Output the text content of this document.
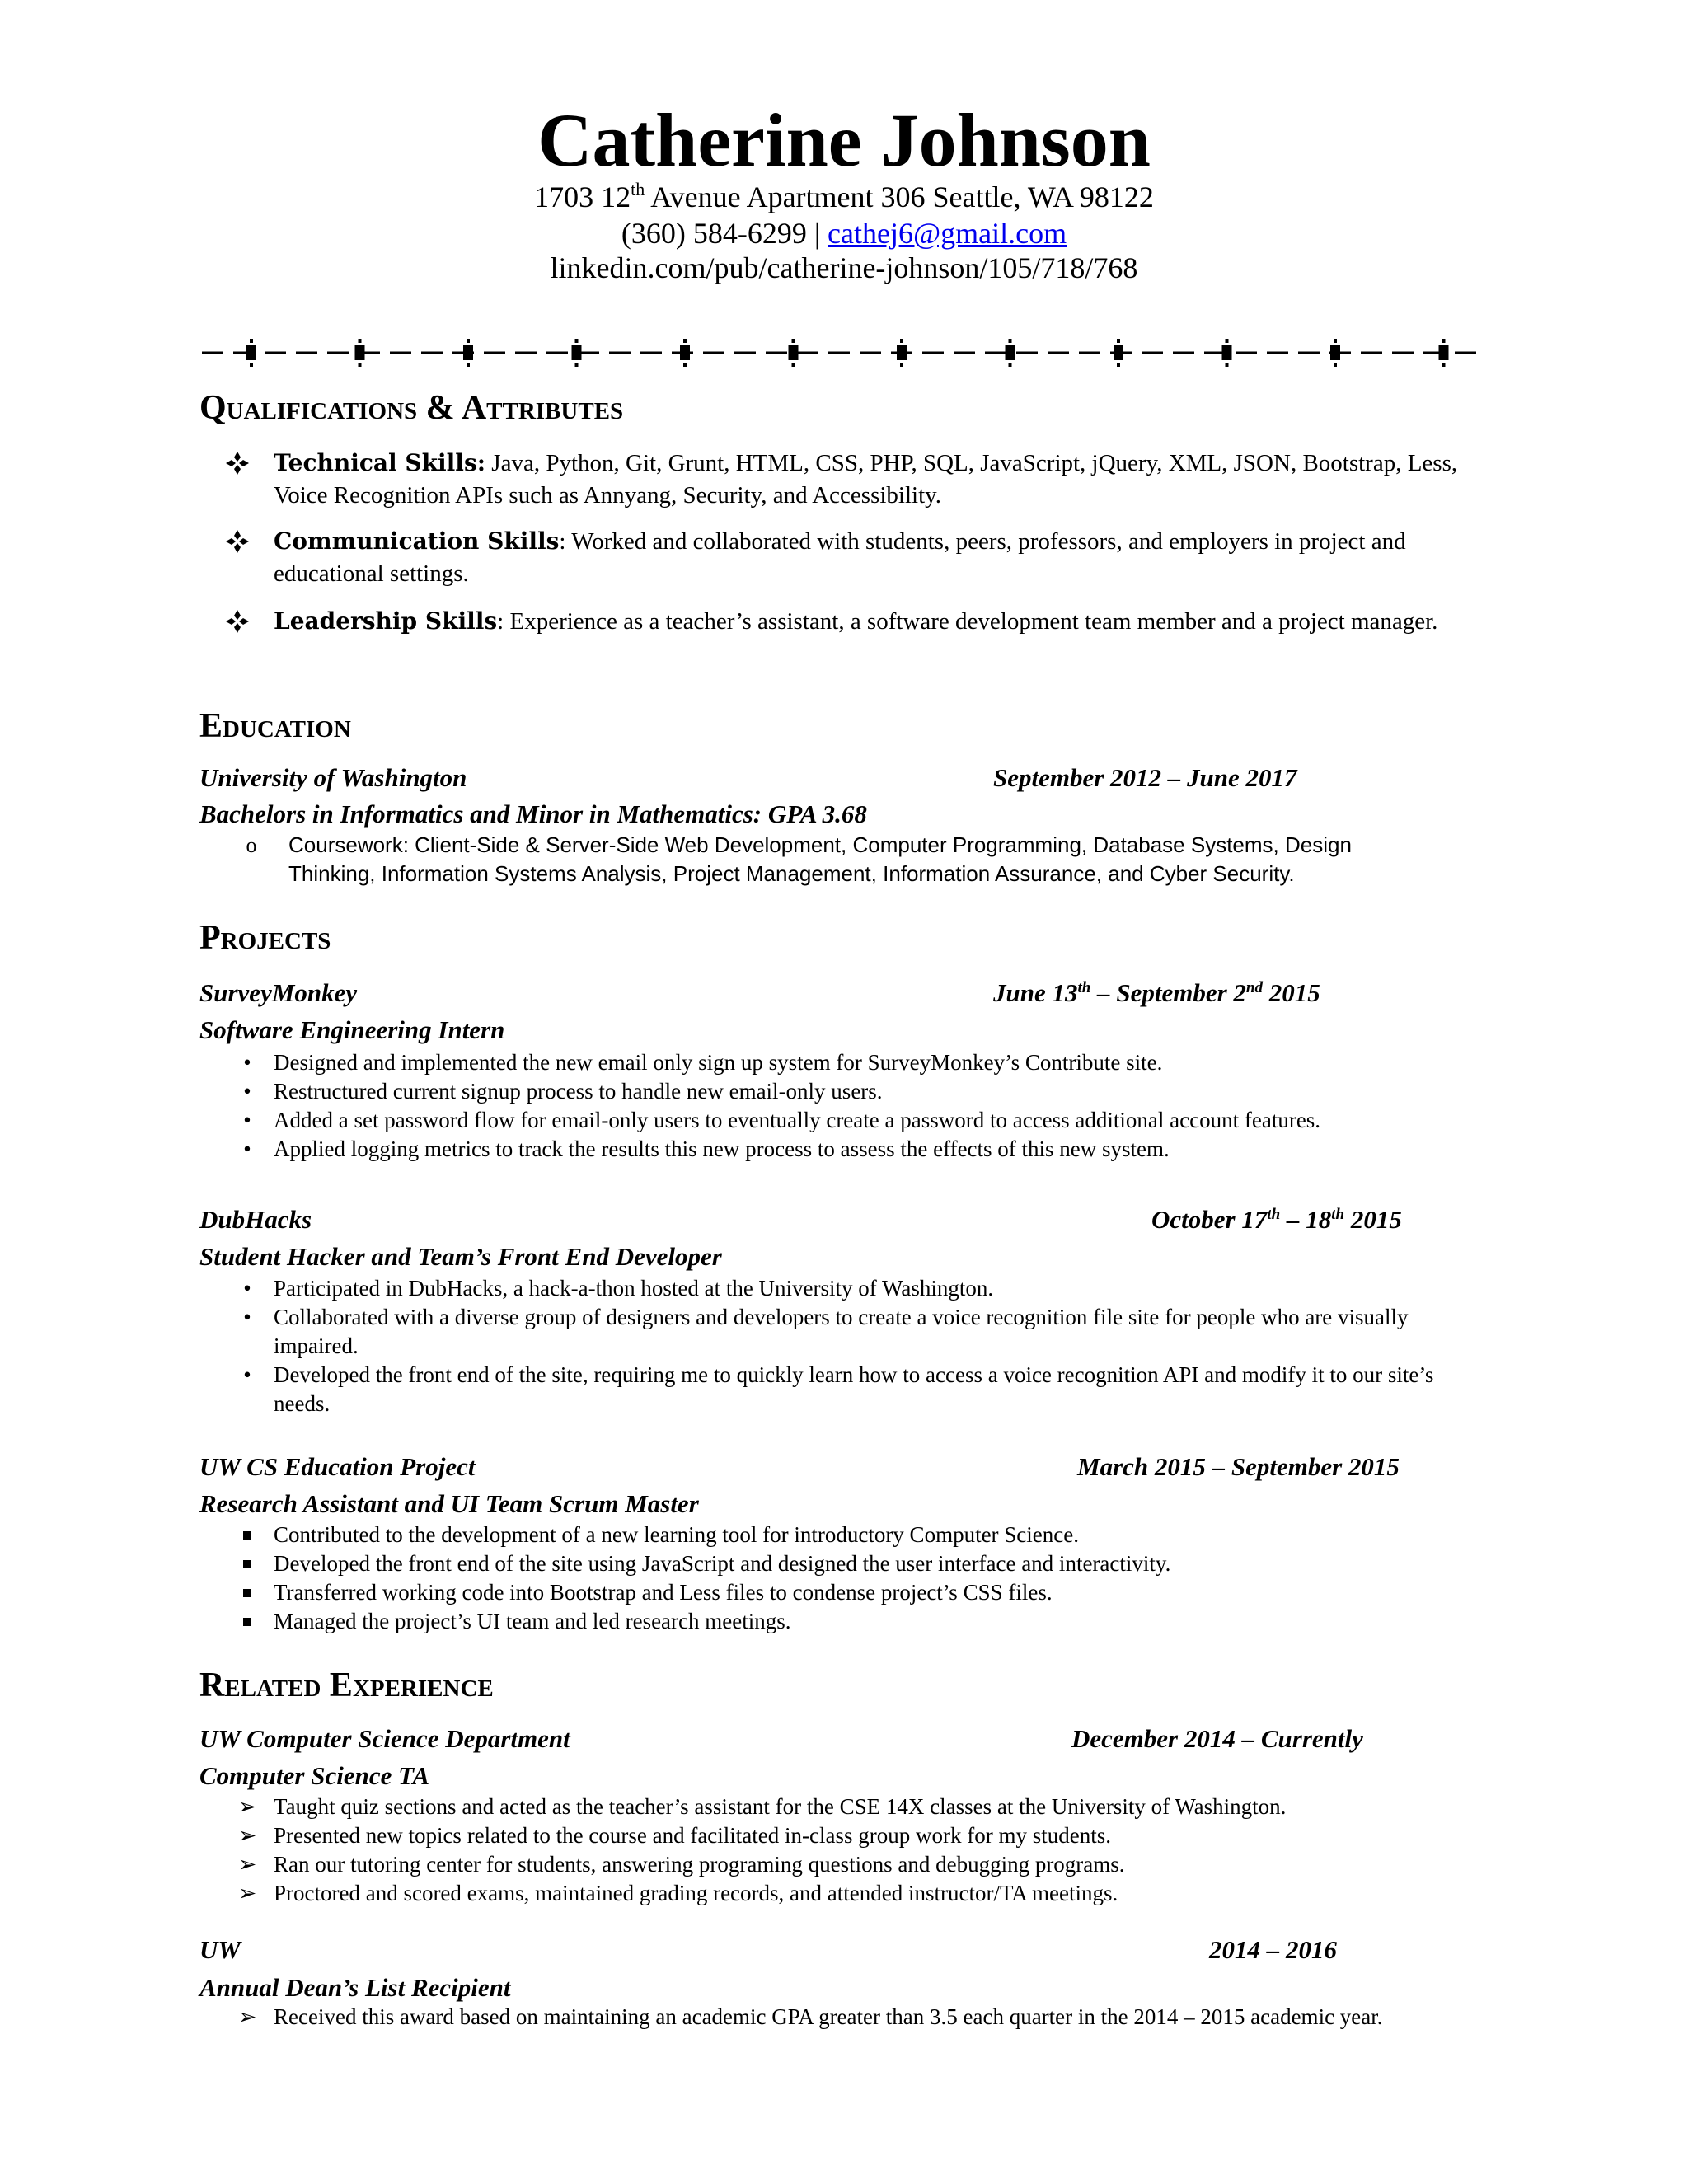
Catherine Johnson
1703 12th Avenue Apartment 306 Seattle, WA 98122
(360) 584-6299 | cathej6@gmail.com
linkedin.com/pub/catherine-johnson/105/718/768
Qualifications & Attributes
Technical Skills: Java, Python, Git, Grunt, HTML, CSS, PHP, SQL, JavaScript, jQuery, XML, JSON, Bootstrap, Less, Voice Recognition APIs such as Annyang, Security, and Accessibility.
Communication Skills: Worked and collaborated with students, peers, professors, and employers in project and educational settings.
Leadership Skills: Experience as a teacher’s assistant, a software development team member and a project manager.
Education
University of Washington	September 2012 – June 2017
Bachelors in Informatics and Minor in Mathematics: GPA 3.68
o	Coursework: Client-Side & Server-Side Web Development, Computer Programming, Database Systems, Design Thinking, Information Systems Analysis, Project Management, Information Assurance, and Cyber Security.
Projects
SurveyMonkey	June 13th – September 2nd 2015
Software Engineering Intern
•	Designed and implemented the new email only sign up system for SurveyMonkey’s Contribute site.
•	Restructured current signup process to handle new email-only users.
•	Added a set password flow for email-only users to eventually create a password to access additional account features.
•	Applied logging metrics to track the results this new process to assess the effects of this new system.
DubHacks	October 17th – 18th 2015
Student Hacker and Team’s Front End Developer
•	Participated in DubHacks, a hack-a-thon hosted at the University of Washington.
•	Collaborated with a diverse group of designers and developers to create a voice recognition file site for people who are visually impaired.
•	Developed the front end of the site, requiring me to quickly learn how to access a voice recognition API and modify it to our site’s needs.
UW CS Education Project	March 2015 – September 2015
Research Assistant and UI Team Scrum Master
Contributed to the development of a new learning tool for introductory Computer Science.
Developed the front end of the site using JavaScript and designed the user interface and interactivity.
Transferred working code into Bootstrap and Less files to condense project’s CSS files.
Managed the project’s UI team and led research meetings.
Related Experience
UW Computer Science Department	December 2014 – Currently
Computer Science TA
➢ Taught quiz sections and acted as the teacher’s assistant for the CSE 14X classes at the University of Washington.
➢ Presented new topics related to the course and facilitated in-class group work for my students.
➢ Ran our tutoring center for students, answering programing questions and debugging programs.
➢ Proctored and scored exams, maintained grading records, and attended instructor/TA meetings.
UW	2014 – 2016
Annual Dean’s List Recipient
➢ Received this award based on maintaining an academic GPA greater than 3.5 each quarter in the 2014 – 2015 academic year.
